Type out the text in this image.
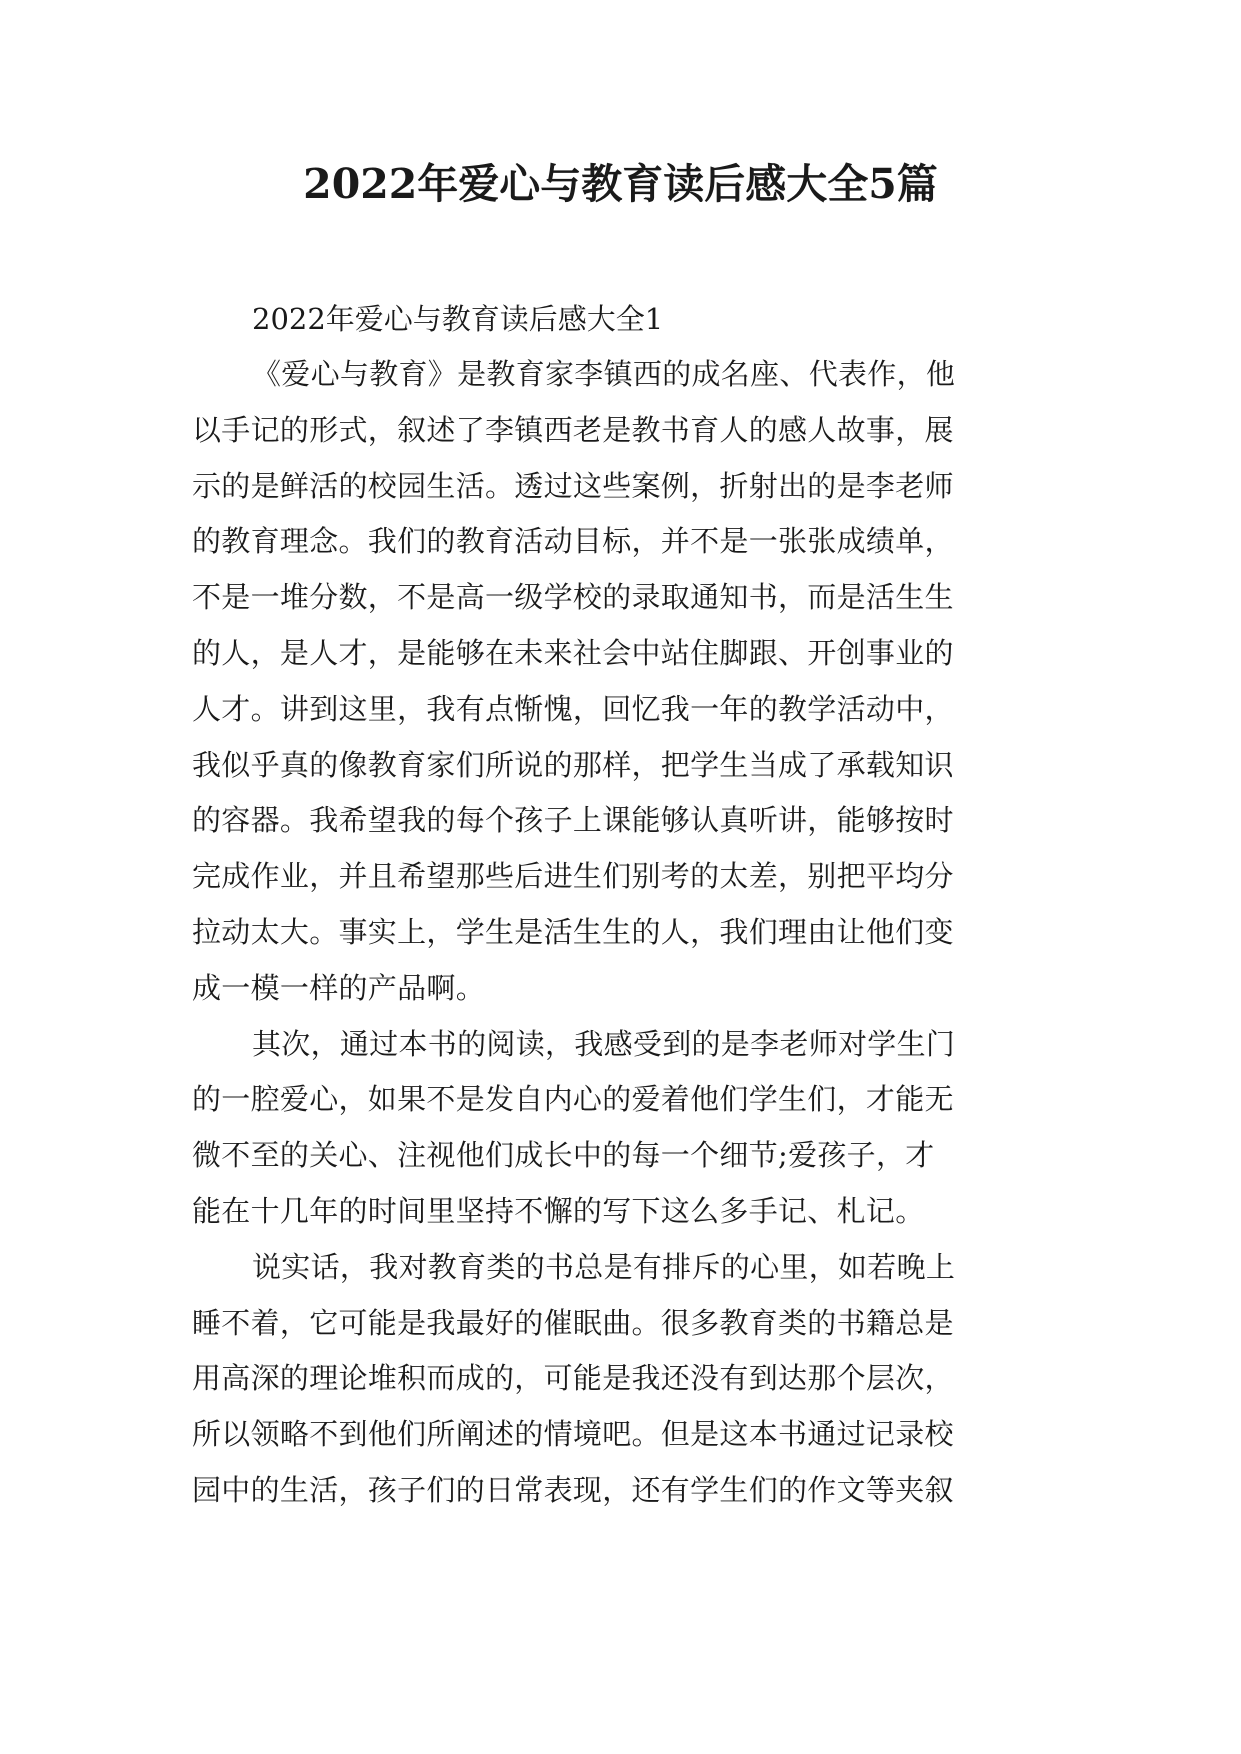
2022年爱心与教育读后感大全5篇
2022年爱心与教育读后感大全1

《爱心与教育》是教育家李镇西的成名座、代表作，他
以手记的形式，叙述了李镇西老是教书育人的感人故事，展
示的是鲜活的校园生活。透过这些案例，折射出的是李老师
的教育理念。我们的教育活动目标，并不是一张张成绩单，
不是一堆分数，不是高一级学校的录取通知书，而是活生生
的人，是人才，是能够在未来社会中站住脚跟、开创事业的
人才。讲到这里，我有点惭愧，回忆我一年的教学活动中，
我似乎真的像教育家们所说的那样，把学生当成了承载知识
的容器。我希望我的每个孩子上课能够认真听讲，能够按时
完成作业，并且希望那些后进生们别考的太差，别把平均分
拉动太大。事实上，学生是活生生的人，我们理由让他们变
成一模一样的产品啊。

其次，通过本书的阅读，我感受到的是李老师对学生门
的一腔爱心，如果不是发自内心的爱着他们学生们，才能无
微不至的关心、注视他们成长中的每一个细节;爱孩子，才
能在十几年的时间里坚持不懈的写下这么多手记、札记。

说实话，我对教育类的书总是有排斥的心里，如若晚上
睡不着，它可能是我最好的催眠曲。很多教育类的书籍总是
用高深的理论堆积而成的，可能是我还没有到达那个层次，
所以领略不到他们所阐述的情境吧。但是这本书通过记录校
园中的生活，孩子们的日常表现，还有学生们的作文等夹叙
